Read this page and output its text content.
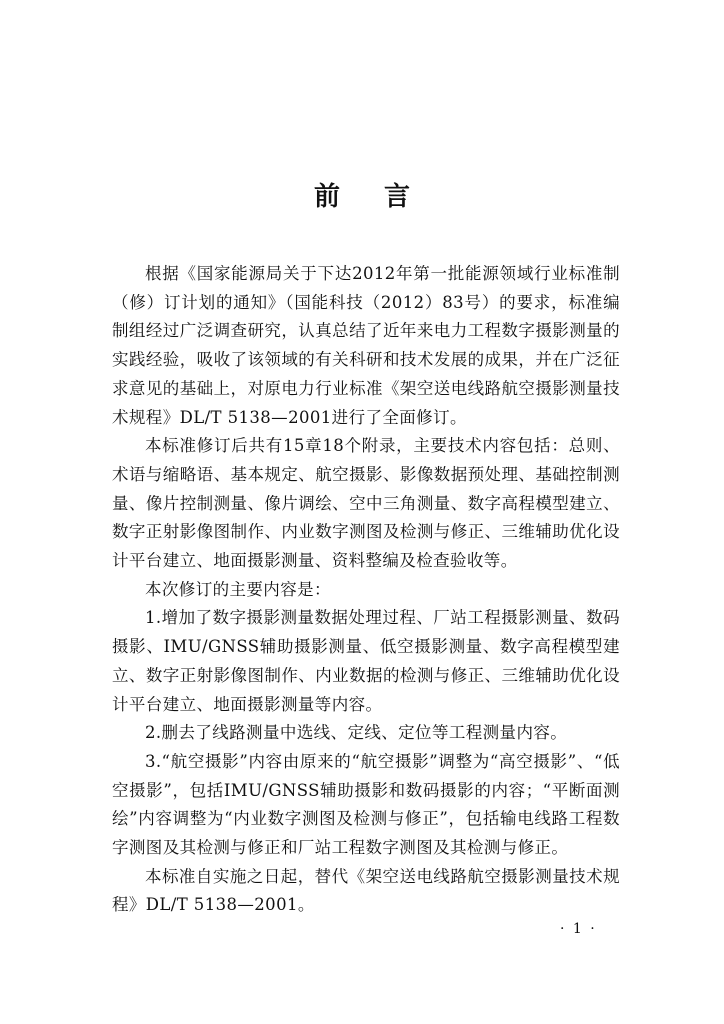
前言

根据《国家能源局关于下达2012年第一批能源领域行业标准制（修）订计划的通知》（国能科技（2012）83号）的要求，标准编制组经过广泛调查研究，认真总结了近年来电力工程数字摄影测量的实践经验，吸收了该领域的有关科研和技术发展的成果，并在广泛征求意见的基础上，对原电力行业标准《架空送电线路航空摄影测量技术规程》DL/T 5138—2001进行了全面修订。

本标准修订后共有15章18个附录，主要技术内容包括：总则、术语与缩略语、基本规定、航空摄影、影像数据预处理、基础控制测量、像片控制测量、像片调绘、空中三角测量、数字高程模型建立、数字正射影像图制作、内业数字测图及检测与修正、三维辅助优化设计平台建立、地面摄影测量、资料整编及检查验收等。

本次修订的主要内容是：

1.增加了数字摄影测量数据处理过程、厂站工程摄影测量、数码摄影、IMU/GNSS辅助摄影测量、低空摄影测量、数字高程模型建立、数字正射影像图制作、内业数据的检测与修正、三维辅助优化设计平台建立、地面摄影测量等内容。

2.删去了线路测量中选线、定线、定位等工程测量内容。

3.“航空摄影”内容由原来的“航空摄影”调整为“高空摄影”、“低空摄影”，包括IMU/GNSS辅助摄影和数码摄影的内容；“平断面测绘”内容调整为“内业数字测图及检测与修正”，包括输电线路工程数字测图及其检测与修正和厂站工程数字测图及其检测与修正。

本标准自实施之日起，替代《架空送电线路航空摄影测量技术规程》DL/T 5138—2001。

· 1 ·
